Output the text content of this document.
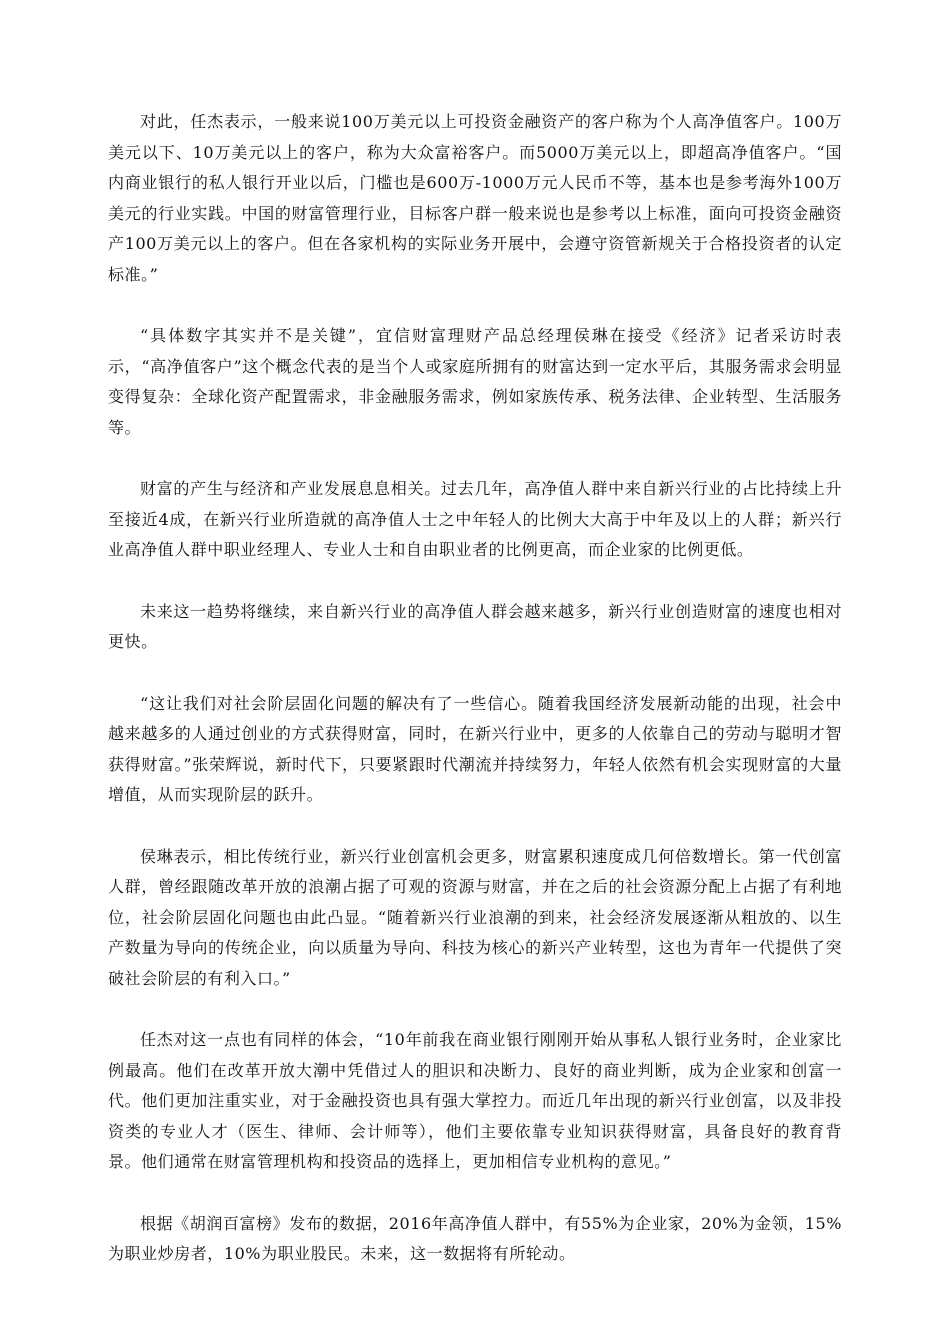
对此，任杰表示，一般来说100万美元以上可投资金融资产的客户称为个人高净值客户。100万美元以下、10万美元以上的客户，称为大众富裕客户。而5000万美元以上，即超高净值客户。“国内商业银行的私人银行开业以后，门槛也是600万-1000万元人民币不等，基本也是参考海外100万美元的行业实践。中国的财富管理行业，目标客户群一般来说也是参考以上标准，面向可投资金融资产100万美元以上的客户。但在各家机构的实际业务开展中，会遵守资管新规关于合格投资者的认定标准。”

“具体数字其实并不是关键”，宜信财富理财产品总经理侯琳在接受《经济》记者采访时表示，“高净值客户”这个概念代表的是当个人或家庭所拥有的财富达到一定水平后，其服务需求会明显变得复杂：全球化资产配置需求，非金融服务需求，例如家族传承、税务法律、企业转型、生活服务等。

财富的产生与经济和产业发展息息相关。过去几年，高净值人群中来自新兴行业的占比持续上升至接近4成，在新兴行业所造就的高净值人士之中年轻人的比例大大高于中年及以上的人群；新兴行业高净值人群中职业经理人、专业人士和自由职业者的比例更高，而企业家的比例更低。

未来这一趋势将继续，来自新兴行业的高净值人群会越来越多，新兴行业创造财富的速度也相对更快。

“这让我们对社会阶层固化问题的解决有了一些信心。随着我国经济发展新动能的出现，社会中越来越多的人通过创业的方式获得财富，同时，在新兴行业中，更多的人依靠自己的劳动与聪明才智获得财富。”张荣辉说，新时代下，只要紧跟时代潮流并持续努力，年轻人依然有机会实现财富的大量增值，从而实现阶层的跃升。

侯琳表示，相比传统行业，新兴行业创富机会更多，财富累积速度成几何倍数增长。第一代创富人群，曾经跟随改革开放的浪潮占据了可观的资源与财富，并在之后的社会资源分配上占据了有利地位，社会阶层固化问题也由此凸显。“随着新兴行业浪潮的到来，社会经济发展逐渐从粗放的、以生产数量为导向的传统企业，向以质量为导向、科技为核心的新兴产业转型，这也为青年一代提供了突破社会阶层的有利入口。”

任杰对这一点也有同样的体会，“10年前我在商业银行刚刚开始从事私人银行业务时，企业家比例最高。他们在改革开放大潮中凭借过人的胆识和决断力、良好的商业判断，成为企业家和创富一代。他们更加注重实业，对于金融投资也具有强大掌控力。而近几年出现的新兴行业创富，以及非投资类的专业人才（医生、律师、会计师等），他们主要依靠专业知识获得财富，具备良好的教育背景。他们通常在财富管理机构和投资品的选择上，更加相信专业机构的意见。”

根据《胡润百富榜》发布的数据，2016年高净值人群中，有55%为企业家，20%为金领，15%为职业炒房者，10%为职业股民。未来，这一数据将有所轮动。
